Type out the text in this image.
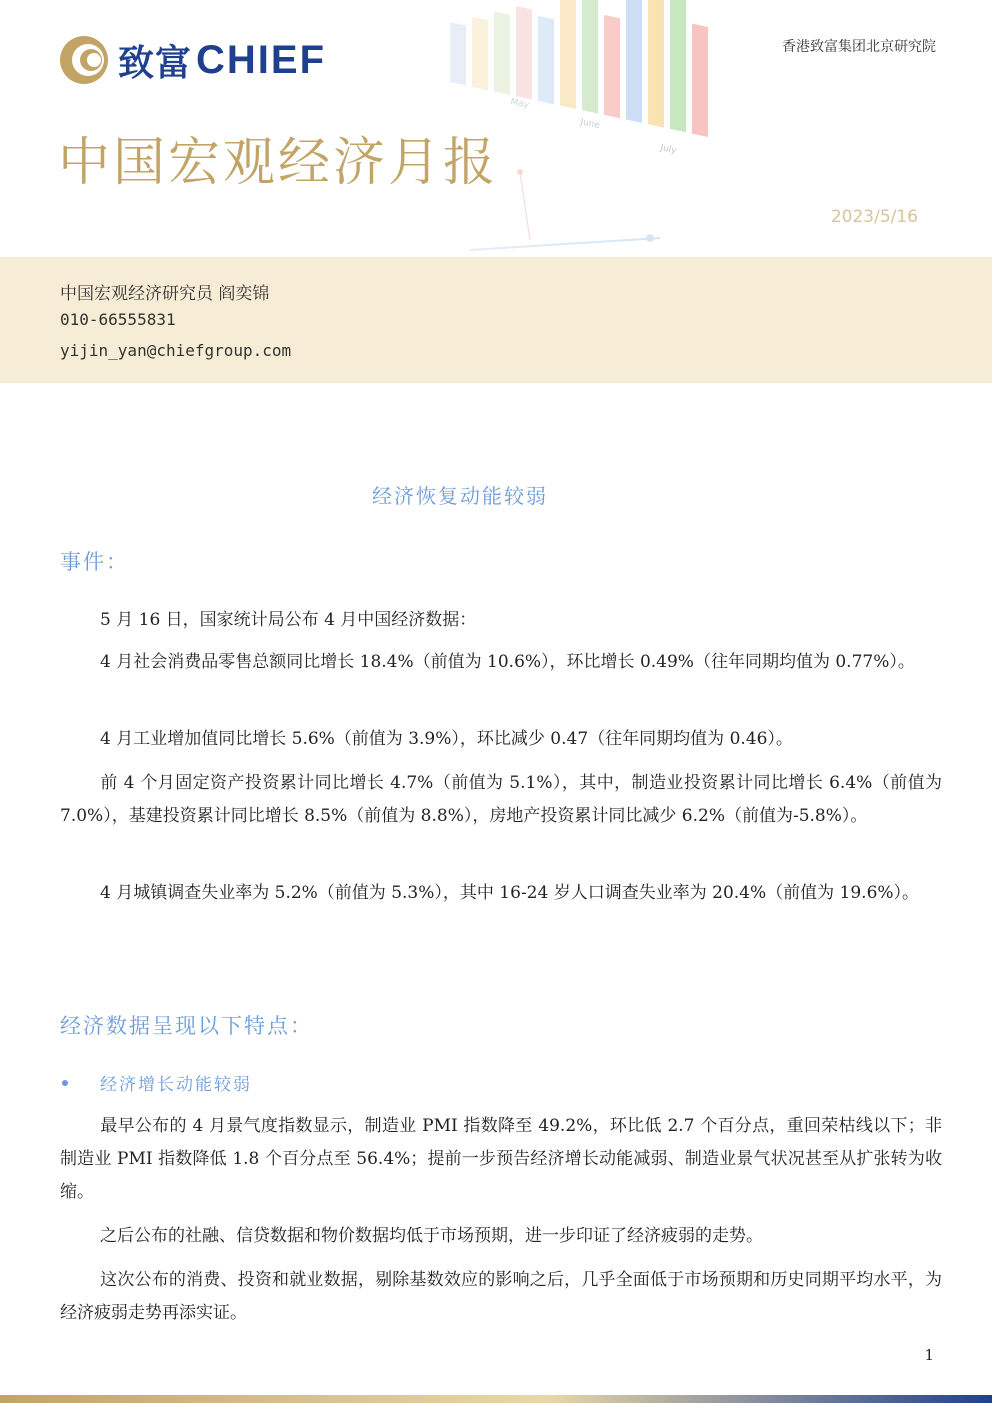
致富 CHIEF	香港致富集团北京研究院
中国宏观经济月报
2023/5/16
中国宏观经济研究员 阎奕锦
010-66555831
yijin_yan@chiefgroup.com
经济恢复动能较弱
事件：
5 月 16 日，国家统计局公布 4 月中国经济数据：
4 月社会消费品零售总额同比增长 18.4%（前值为 10.6%），环比增长 0.49%（往年同期均值为 0.77%）。
4 月工业增加值同比增长 5.6%（前值为 3.9%），环比减少 0.47（往年同期均值为 0.46）。
前 4 个月固定资产投资累计同比增长 4.7%（前值为 5.1%），其中，制造业投资累计同比增长 6.4%（前值为 7.0%），基建投资累计同比增长 8.5%（前值为 8.8%），房地产投资累计同比减少 6.2%（前值为-5.8%）。
4 月城镇调查失业率为 5.2%（前值为 5.3%），其中 16-24 岁人口调查失业率为 20.4%（前值为 19.6%）。
经济数据呈现以下特点：
经济增长动能较弱
最早公布的 4 月景气度指数显示，制造业 PMI 指数降至 49.2%，环比低 2.7 个百分点，重回荣枯线以下；非制造业 PMI 指数降低 1.8 个百分点至 56.4%；提前一步预告经济增长动能减弱、制造业景气状况甚至从扩张转为收缩。
之后公布的社融、信贷数据和物价数据均低于市场预期，进一步印证了经济疲弱的走势。
这次公布的消费、投资和就业数据，剔除基数效应的影响之后，几乎全面低于市场预期和历史同期平均水平，为经济疲弱走势再添实证。
1
